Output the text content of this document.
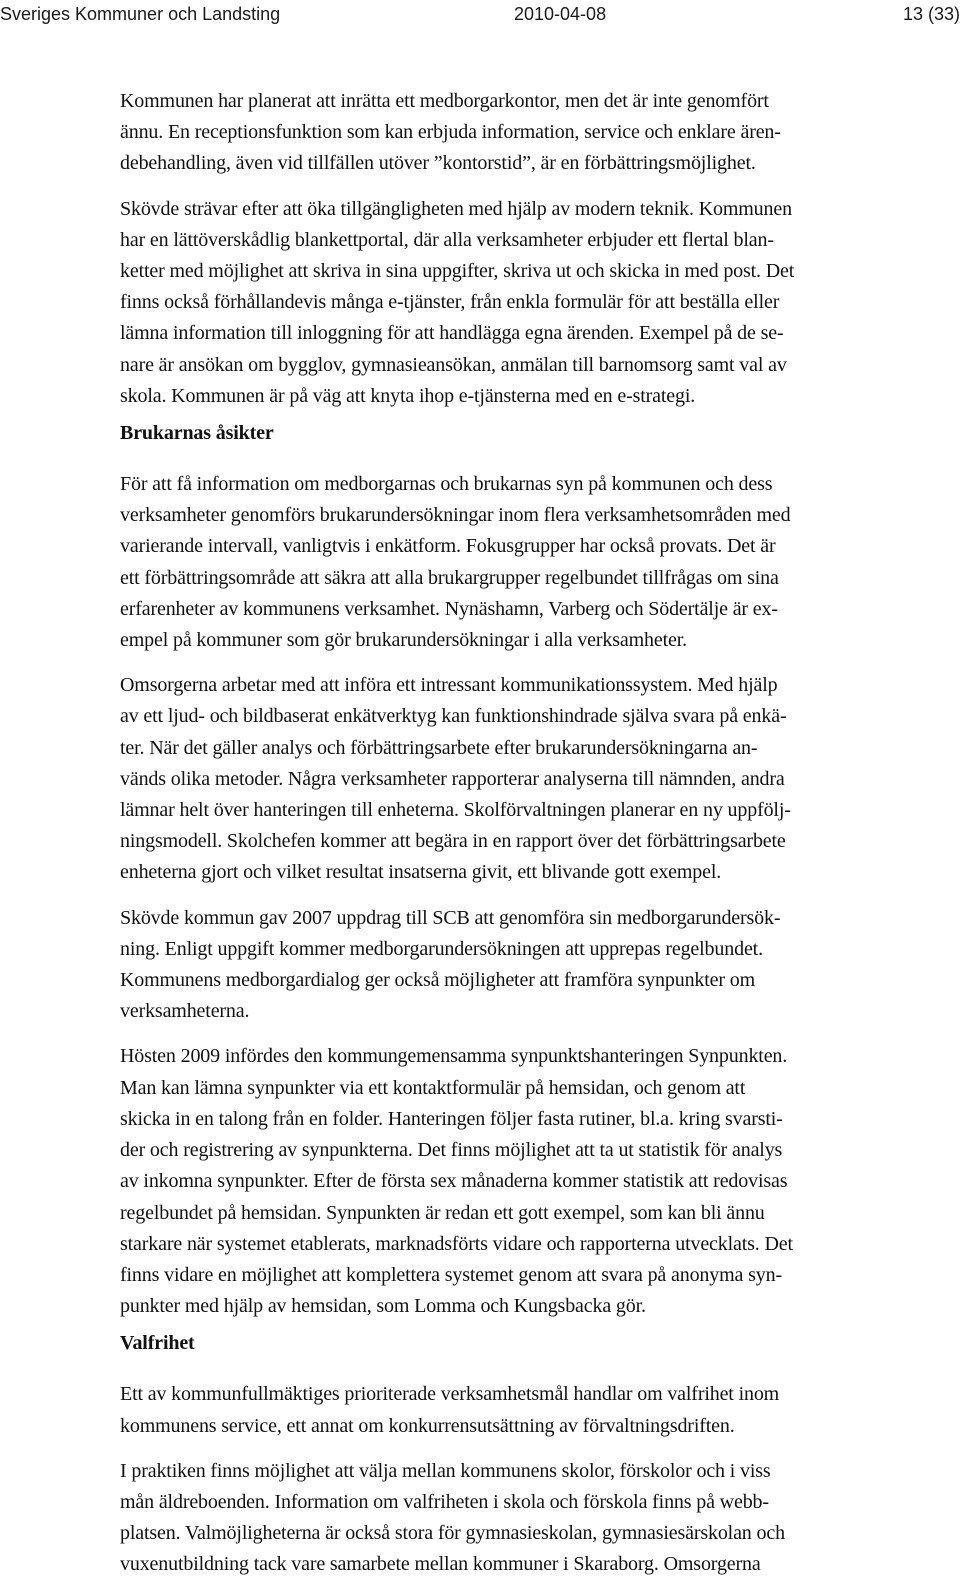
Sveriges Kommuner och Landsting	2010-04-08	13 (33)

Kommunen har planerat att inrätta ett medborgarkontor, men det är inte genomfört
ännu. En receptionsfunktion som kan erbjuda information, service och enklare ären-
debehandling, även vid tillfällen utöver ”kontorstid”, är en förbättringsmöjlighet.

Skövde strävar efter att öka tillgängligheten med hjälp av modern teknik. Kommunen
har en lättöverskådlig blankettportal, där alla verksamheter erbjuder ett flertal blan-
ketter med möjlighet att skriva in sina uppgifter, skriva ut och skicka in med post. Det
finns också förhållandevis många e-tjänster, från enkla formulär för att beställa eller
lämna information till inloggning för att handlägga egna ärenden. Exempel på de se-
nare är ansökan om bygglov, gymnasieansökan, anmälan till barnomsorg samt val av
skola. Kommunen är på väg att knyta ihop e-tjänsterna med en e-strategi.

Brukarnas åsikter

För att få information om medborgarnas och brukarnas syn på kommunen och dess
verksamheter genomförs brukarundersökningar inom flera verksamhetsområden med
varierande intervall, vanligtvis i enkätform. Fokusgrupper har också provats. Det är
ett förbättringsområde att säkra att alla brukargrupper regelbundet tillfrågas om sina
erfarenheter av kommunens verksamhet. Nynäshamn, Varberg och Södertälje är ex-
empel på kommuner som gör brukarundersökningar i alla verksamheter.

Omsorgerna arbetar med att införa ett intressant kommunikationssystem. Med hjälp
av ett ljud- och bildbaserat enkätverktyg kan funktionshindrade själva svara på enkä-
ter. När det gäller analys och förbättringsarbete efter brukarundersökningarna an-
vänds olika metoder. Några verksamheter rapporterar analyserna till nämnden, andra
lämnar helt över hanteringen till enheterna. Skolförvaltningen planerar en ny uppfölj-
ningsmodell. Skolchefen kommer att begära in en rapport över det förbättringsarbete
enheterna gjort och vilket resultat insatserna givit, ett blivande gott exempel.

Skövde kommun gav 2007 uppdrag till SCB att genomföra sin medborgarundersök-
ning. Enligt uppgift kommer medborgarundersökningen att upprepas regelbundet.
Kommunens medborgardialog ger också möjligheter att framföra synpunkter om
verksamheterna.

Hösten 2009 infördes den kommungemensamma synpunktshanteringen Synpunkten.
Man kan lämna synpunkter via ett kontaktformulär på hemsidan, och genom att
skicka in en talong från en folder. Hanteringen följer fasta rutiner, bl.a. kring svarsti-
der och registrering av synpunkterna. Det finns möjlighet att ta ut statistik för analys
av inkomna synpunkter. Efter de första sex månaderna kommer statistik att redovisas
regelbundet på hemsidan. Synpunkten är redan ett gott exempel, som kan bli ännu
starkare när systemet etablerats, marknadsförts vidare och rapporterna utvecklats. Det
finns vidare en möjlighet att komplettera systemet genom att svara på anonyma syn-
punkter med hjälp av hemsidan, som Lomma och Kungsbacka gör.

Valfrihet

Ett av kommunfullmäktiges prioriterade verksamhetsmål handlar om valfrihet inom
kommunens service, ett annat om konkurrensutsättning av förvaltningsdriften.

I praktiken finns möjlighet att välja mellan kommunens skolor, förskolor och i viss
mån äldreboenden. Information om valfriheten i skola och förskola finns på webb-
platsen. Valmöjligheterna är också stora för gymnasieskolan, gymnasiesärskolan och
vuxenutbildning tack vare samarbete mellan kommuner i Skaraborg. Omsorgerna
